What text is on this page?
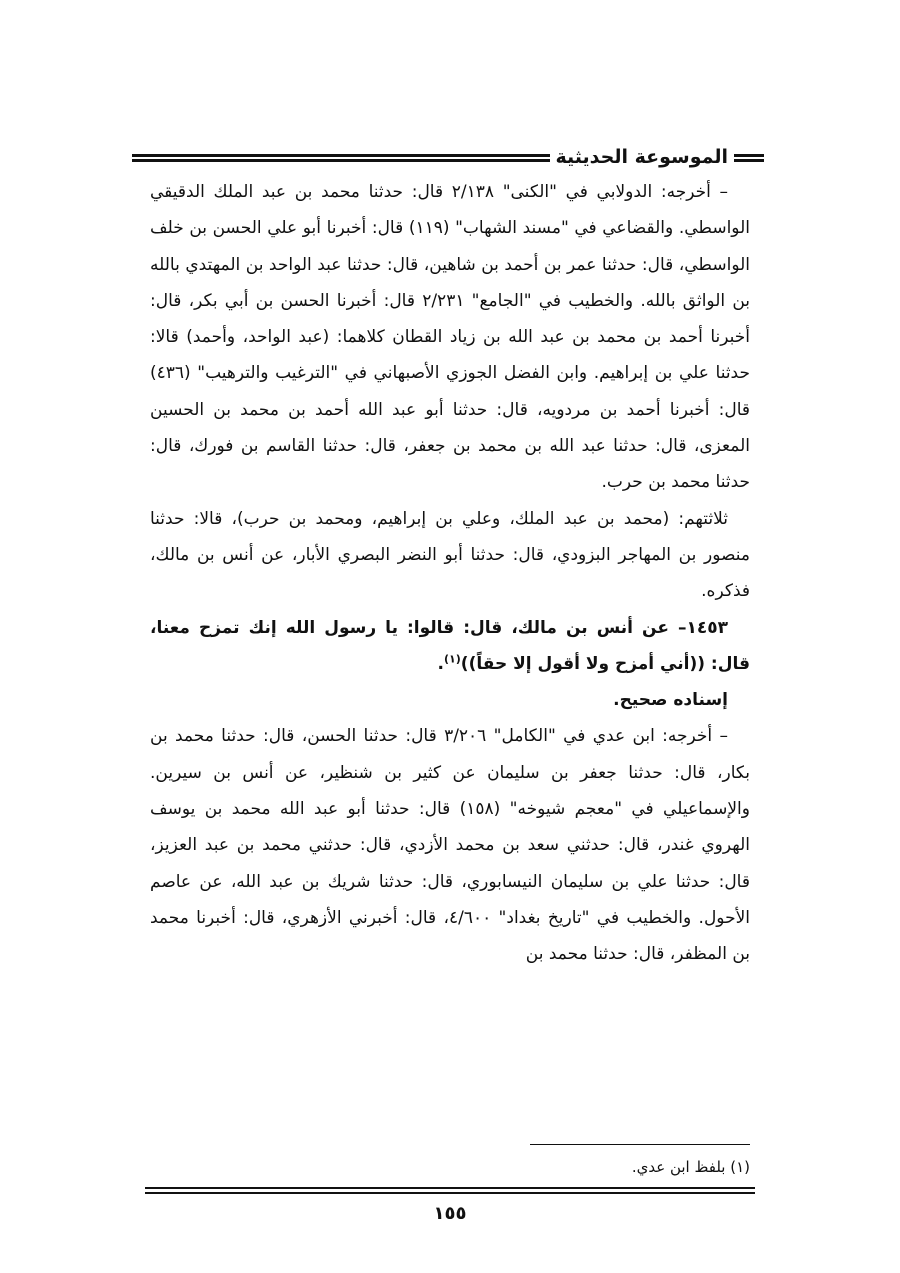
الموسوعة الحديثية

– أخرجه: الدولابي في "الكنى" ٢/١٣٨ قال: حدثنا محمد بن عبد الملك الدقيقي الواسطي. والقضاعي في "مسند الشهاب" (١١٩) قال: أخبرنا أبو علي الحسن بن خلف الواسطي، قال: حدثنا عمر بن أحمد بن شاهين، قال: حدثنا عبد الواحد بن المهتدي بالله بن الواثق بالله. والخطيب في "الجامع" ٢/٢٣١ قال: أخبرنا الحسن بن أبي بكر، قال: أخبرنا أحمد بن محمد بن عبد الله بن زياد القطان كلاهما: (عبد الواحد، وأحمد) قالا: حدثنا علي بن إبراهيم. وابن الفضل الجوزي الأصبهاني في "الترغيب والترهيب" (٤٣٦) قال: أخبرنا أحمد بن مردويه، قال: حدثنا أبو عبد الله أحمد بن محمد بن الحسين المعزى، قال: حدثنا عبد الله بن محمد بن جعفر، قال: حدثنا القاسم بن فورك، قال: حدثنا محمد بن حرب.

ثلاثتهم: (محمد بن عبد الملك، وعلي بن إبراهيم، ومحمد بن حرب)، قالا: حدثنا منصور بن المهاجر البزودي، قال: حدثنا أبو النضر البصري الأبار، عن أنس بن مالك، فذكره.

١٤٥٣– عن أنس بن مالك، قال: قالوا: يا رسول الله إنك تمزح معنا، قال: ((أني أمزح ولا أقول إلا حقاً))$^{(١)}$.

إسناده صحيح.

– أخرجه: ابن عدي في "الكامل" ٣/٢٠٦ قال: حدثنا الحسن، قال: حدثنا محمد بن بكار، قال: حدثنا جعفر بن سليمان عن كثير بن شنظير، عن أنس بن سيرين. والإسماعيلي في "معجم شيوخه" (١٥٨) قال: حدثنا أبو عبد الله محمد بن يوسف الهروي غندر، قال: حدثني سعد بن محمد الأزدي، قال: حدثني محمد بن عبد العزيز، قال: حدثنا علي بن سليمان النيسابوري، قال: حدثنا شريك بن عبد الله، عن عاصم الأحول. والخطيب في "تاريخ بغداد" ٤/٦٠٠، قال: أخبرني الأزهري، قال: أخبرنا محمد بن المظفر، قال: حدثنا محمد بن

(١) بلفظ ابن عدي.
١٥٥
